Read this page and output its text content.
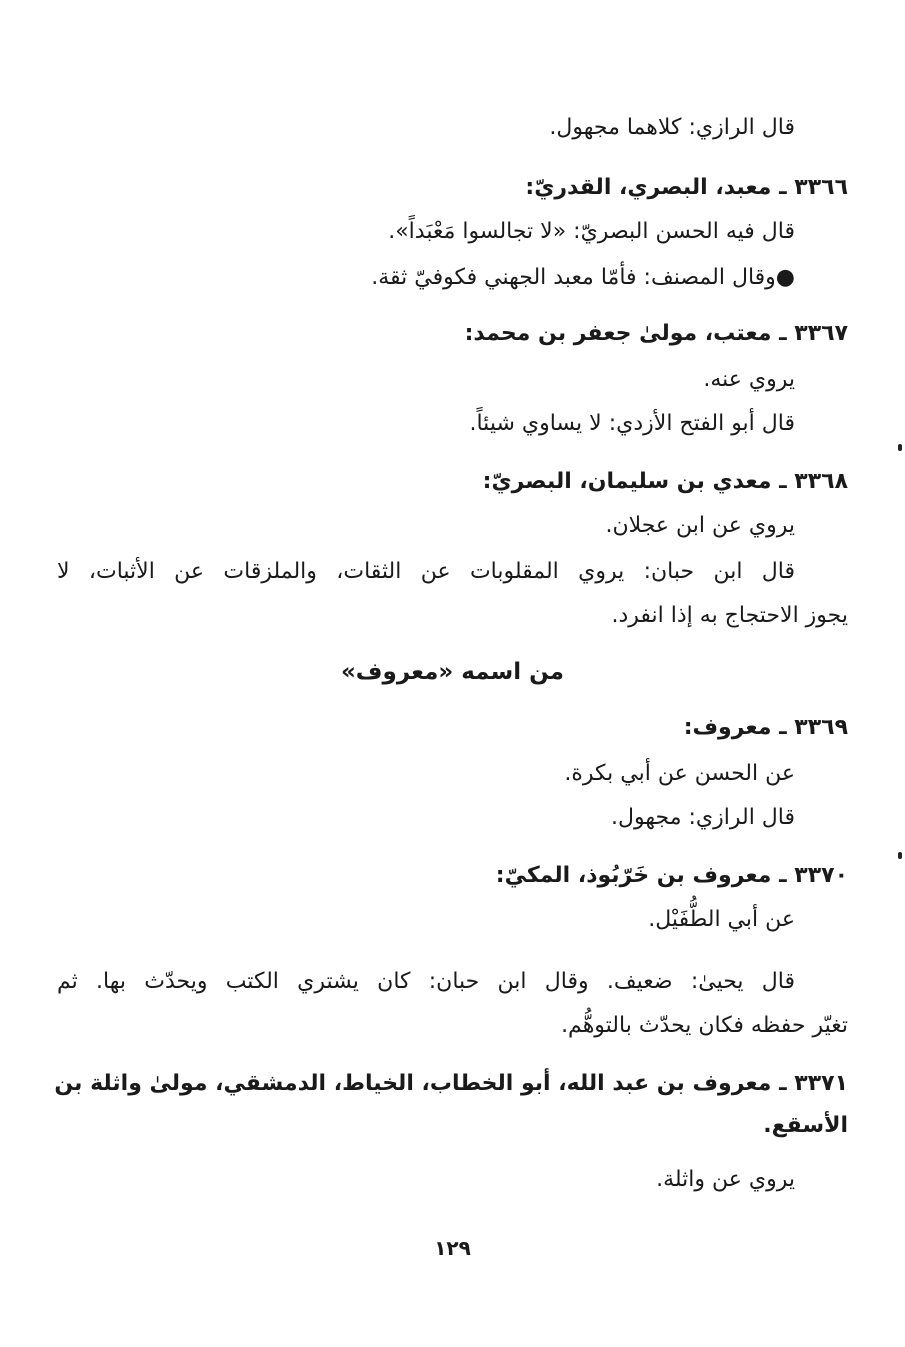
قال الرازي: كلاهما مجهول.
٣٣٦٦ ـ معبد، البصري، القدريّ:
قال فيه الحسن البصريّ: «لا تجالسوا مَعْبَداً».
●وقال المصنف: فأمّا معبد الجهني فكوفيّ ثقة.
٣٣٦٧ ـ معتب، مولىٰ جعفر بن محمد:
يروي عنه.
قال أبو الفتح الأزدي: لا يساوي شيئاً.
٣٣٦٨ ـ معدي بن سليمان، البصريّ:
يروي عن ابن عجلان.
قال ابن حبان: يروي المقلوبات عن الثقات، والملزقات عن الأثبات، لا
يجوز الاحتجاج به إذا انفرد.
من اسمه «معروف»
٣٣٦٩ ـ معروف:
عن الحسن عن أبي بكرة.
قال الرازي: مجهول.
٣٣٧٠ ـ معروف بن خَرّبُوذ، المكيّ:
عن أبي الطُّفَيْل.
قال يحيىٰ: ضعيف. وقال ابن حبان: كان يشتري الكتب ويحدّث بها. ثم
تغيّر حفظه فكان يحدّث بالتوهُّم.
٣٣٧١ ـ معروف بن عبد الله، أبو الخطاب، الخياط، الدمشقي، مولىٰ واثلة بن
الأسقع.
يروي عن واثلة.
١٢٩
